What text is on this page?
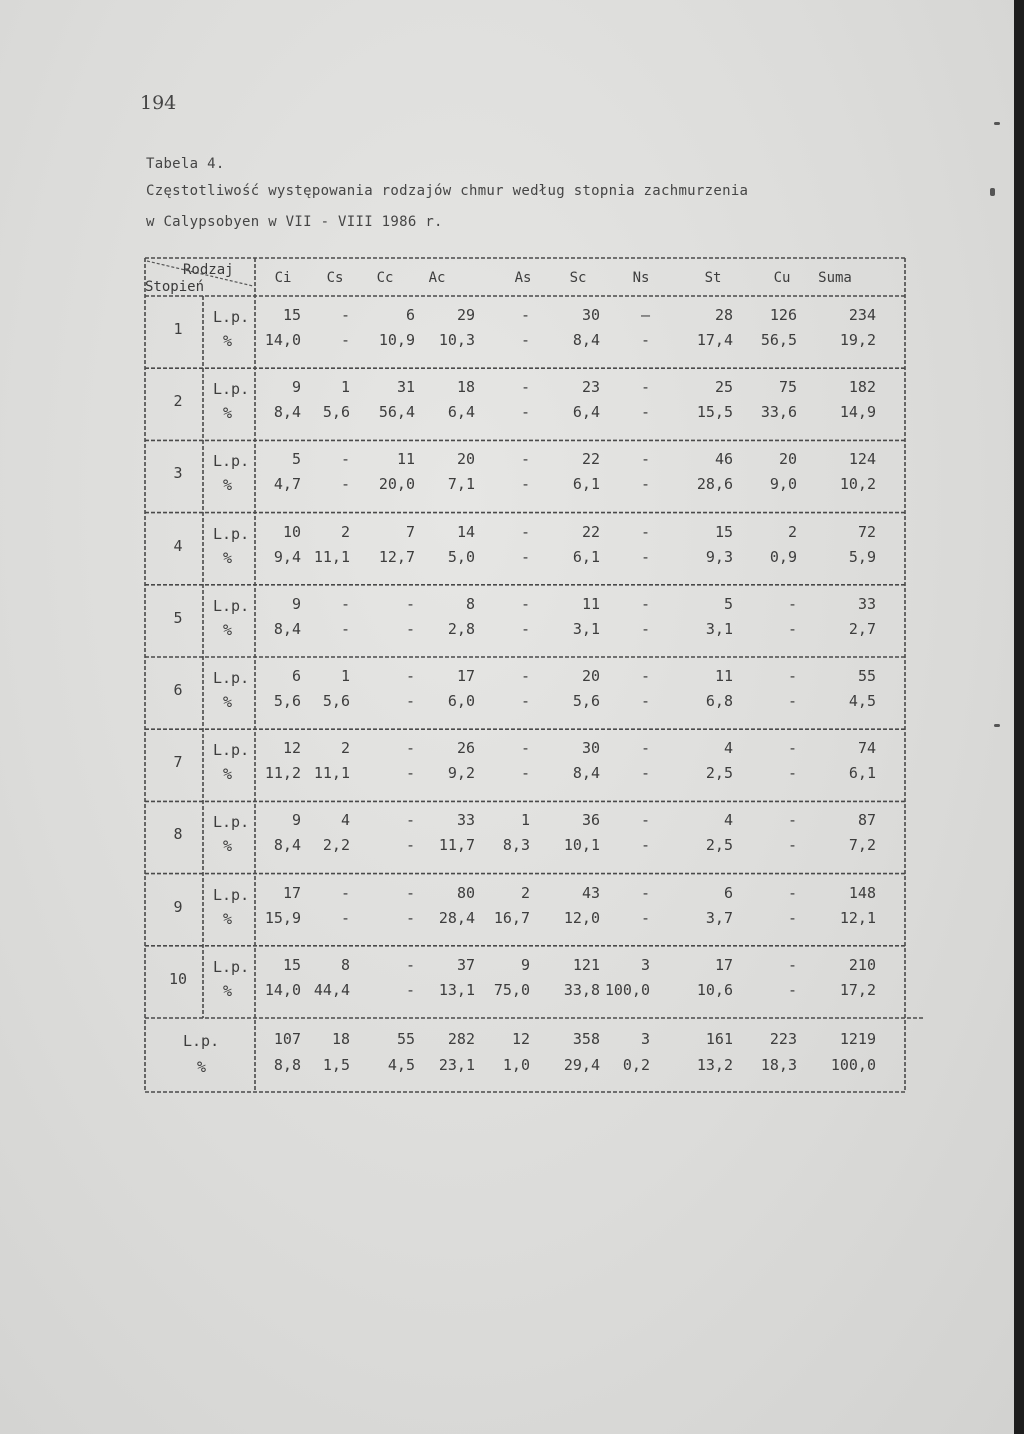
194
Tabela 4.
Częstotliwość występowania rodzajów chmur według stopnia zachmurzenia
w Calypsobyen w VII - VIII 1986 r.
Rodzaj
Stopień
Ci	Cs Cc	Ac	As	Sc	Ns	St	Cu Suma
1
L.p.
%
15	-	6	29	-	30	—	28 126	234
14,0	- 10,9 10,3	-	8,4	-	17,4 56,5	19,2
2
L.p.
%
9	1	31	18	-	23	-	25	75	182
8,4 5,6 56,4 6,4	-	6,4	-	15,5 33,6	14,9
3
L.p.
%
5	-	11	20	-	22	-	46	20	124
4,7	- 20,0 7,1	-	6,1	-	28,6 9,0	10,2
4
L.p.
%
10	2	7	14	-	22	-	15	2	72
9,4 11,1 12,7 5,0	-	6,1	-	9,3 0,9	5,9
5
L.p.
%
9	-	-	8	-	11	-	5	-	33
8,4	-	- 2,8	-	3,1	-	3,1	-	2,7
6
L.p.
%
6	1	-	17	-	20	-	11	-	55
5,6 5,6	- 6,0	-	5,6	-	6,8	-	4,5
7
L.p.
%
12	2	-	26	-	30	-	4	-	74
11,2 11,1	- 9,2	-	8,4	-	2,5	-	6,1
8
L.p.
%
9	4	-	33	1	36	-	4	-	87
8,4 2,2	- 11,7 8,3 10,1	-	2,5	-	7,2
9
L.p.
%
17	-	-	80	2	43	-	6	-	148
15,9	-	- 28,4 16,7 12,0	-	3,7	-	12,1
10
L.p.
%
15	8	-	37	9	121	3	17	-	210
14,0 44,4	- 13,1 75,0 33,8 100,0	10,6	-	17,2
L.p.
%
107 18	55 282 12	358	3	161 223	1219
8,8 1,5	4,5 23,1 1,0 29,4 0,2	13,2 18,3 100,0
